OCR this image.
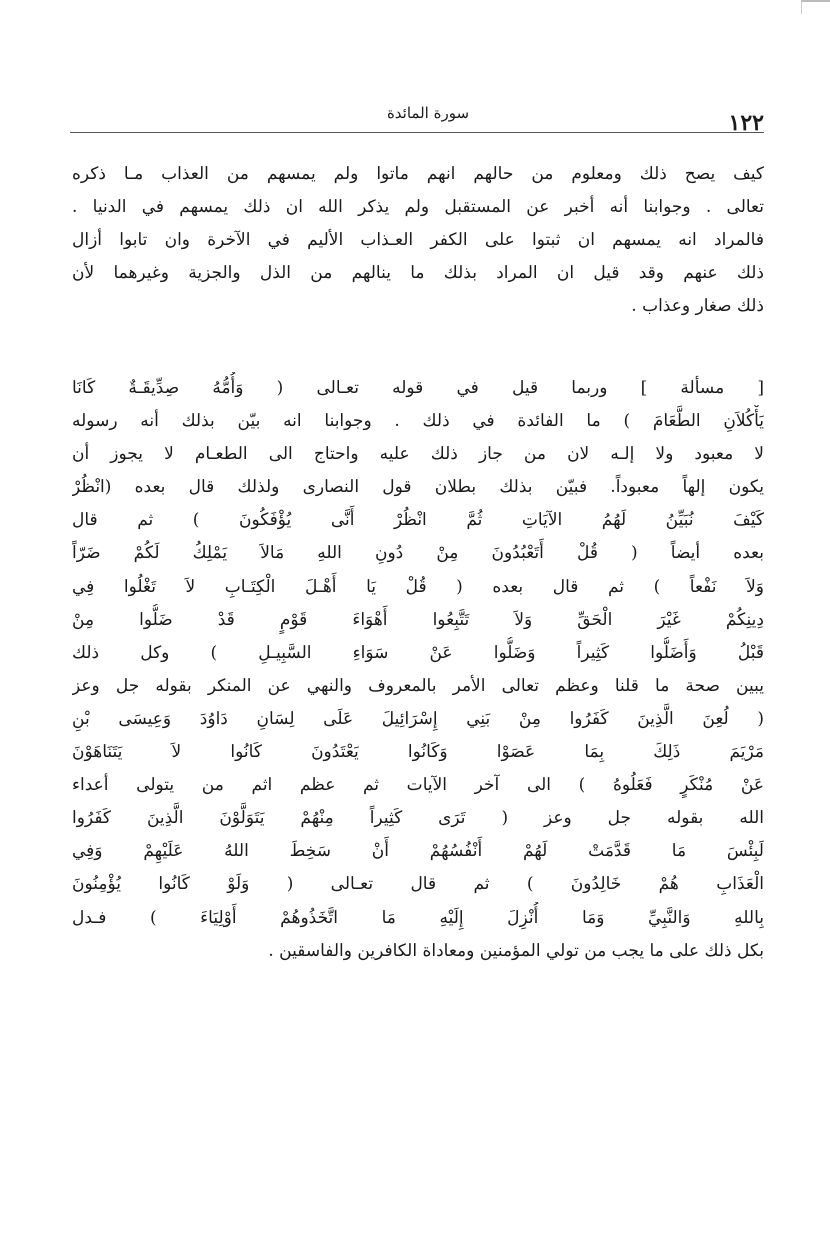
١٢٢
سورة المائدة
كيف يصح ذلك ومعلوم من حالهم انهم ماتوا ولم يمسهم من العذاب مـا ذكره
تعالى . وجوابنا أنه أخبر عن المستقبل ولم يذكر الله ان ذلك يمسهم في الدنيا .
فالمراد انه يمسهم ان ثبتوا على الكفر العـذاب الأليم في الآخرة وان تابوا أزال
ذلك عنهم وقد قيل ان المراد بذلك ما ينالهم من الذل والجزية وغيرهما لأن
ذلك صغار وعذاب .
[ مسألة ] وربما قيل في قوله تعـالى ( وَأُمُّهُ صِدِّيقَـةٌ كَانَا
يَأْكُلاَنِ الطَّعَامَ ) ما الفائدة في ذلك . وجوابنا انه بيّن بذلك أنه رسوله
لا معبود ولا إلـه لان من جاز ذلك عليه واحتاج الى الطعـام لا يجوز أن
يكون إلهاً معبوداً. فبيّن بذلك بطلان قول النصارى ولذلك قال بعده (انْظُرْ
كَيْفَ نُبَيِّنُ لَهُمُ الآيَاتِ ثُمَّ انْظُرْ أَنَّى يُؤْفَكُونَ ) ثم قال
بعده أيضاً ( قُلْ أَتَعْبُدُونَ مِنْ دُونِ اللهِ مَالاَ يَمْلِكُ لَكُمْ ضَرّاً
وَلاَ نَفْعاً ) ثم قال بعده ( قُلْ يَا أَهْـلَ الْكِتَـابِ لاَ تَغْلُوا فِي
دِينِكُمْ غَيْرَ الْحَقِّ وَلاَ تَتَّبِعُوا أَهْوَاءَ قَوْمٍ قَدْ ضَلُّوا مِنْ
قَبْلُ وَأَضَلُّوا كَثِيراً وَضَلُّوا عَنْ سَوَاءِ السَّبِيـلِ ) وكل ذلك
يبين صحة ما قلنا وعظم تعالى الأمر بالمعروف والنهي عن المنكر بقوله جل وعز
( لُعِنَ الَّذِينَ كَفَرُوا مِنْ بَنِي إِسْرَائِيلَ عَلَى لِسَانِ دَاوُدَ وَعِيسَى بْنِ
مَرْيَمَ ذَلِكَ بِمَا عَصَوْا وَكَانُوا يَعْتَدُونَ كَانُوا لاَ يَتَنَاهَوْنَ
عَنْ مُنْكَرٍ فَعَلُوهُ ) الى آخر الآيات ثم عظم اثم من يتولى أعداء
الله بقوله جل وعز ( تَرَى كَثِيراً مِنْهُمْ يَتَوَلَّوْنَ الَّذِينَ كَفَرُوا
لَبِئْسَ مَا قَدَّمَتْ لَهُمْ أَنْفُسُهُمْ أَنْ سَخِطَ اللهُ عَلَيْهِمْ وَفِي
الْعَذَابِ هُمْ خَالِدُونَ ) ثم قال تعـالى ( وَلَوْ كَانُوا يُؤْمِنُونَ
بِاللهِ وَالنَّبِيِّ وَمَا أُنْزِلَ إِلَيْهِ مَا اتَّخَذُوهُمْ أَوْلِيَاءَ ) فـدل
بكل ذلك على ما يجب من تولي المؤمنين ومعاداة الكافرين والفاسقين .
